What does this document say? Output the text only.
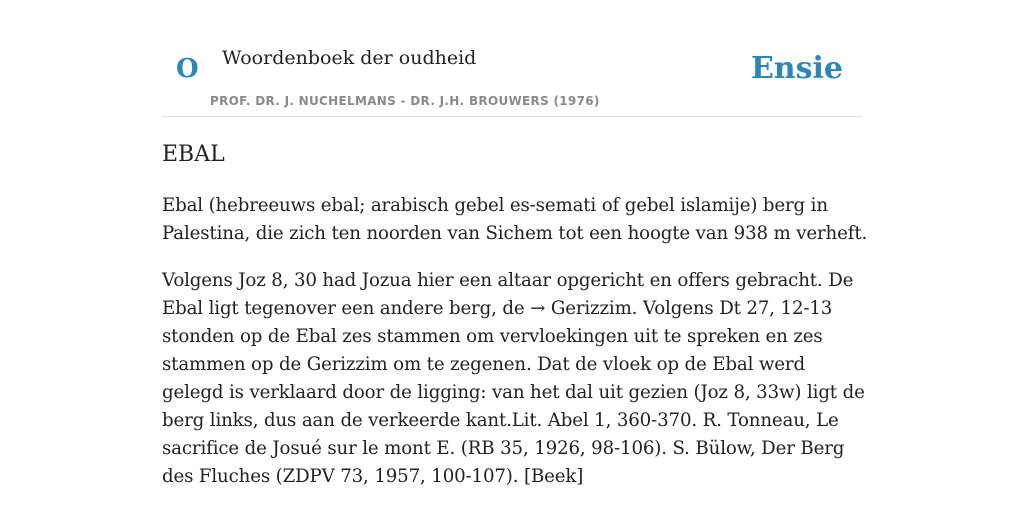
O Woordenboek der oudheid
PROF. DR. J. NUCHELMANS - DR. J.H. BROUWERS (1976)
Ensie
EBAL

Ebal (hebreeuws ebal; arabisch gebel es-semati of gebel islamije) berg in Palestina, die zich ten noorden van Sichem tot een hoogte van 938 m verheft.

Volgens Joz 8, 30 had Jozua hier een altaar opgericht en offers gebracht. De Ebal ligt tegenover een andere berg, de → Gerizzim. Volgens Dt 27, 12-13 stonden op de Ebal zes stammen om vervloekingen uit te spreken en zes stammen op de Gerizzim om te zegenen. Dat de vloek op de Ebal werd gelegd is verklaard door de ligging: van het dal uit gezien (Joz 8, 33w) ligt de berg links, dus aan de verkeerde kant.Lit. Abel 1, 360-370. R. Tonneau, Le sacrifice de Josué sur le mont E. (RB 35, 1926, 98-106). S. Bülow, Der Berg des Fluches (ZDPV 73, 1957, 100-107). [Beek]
